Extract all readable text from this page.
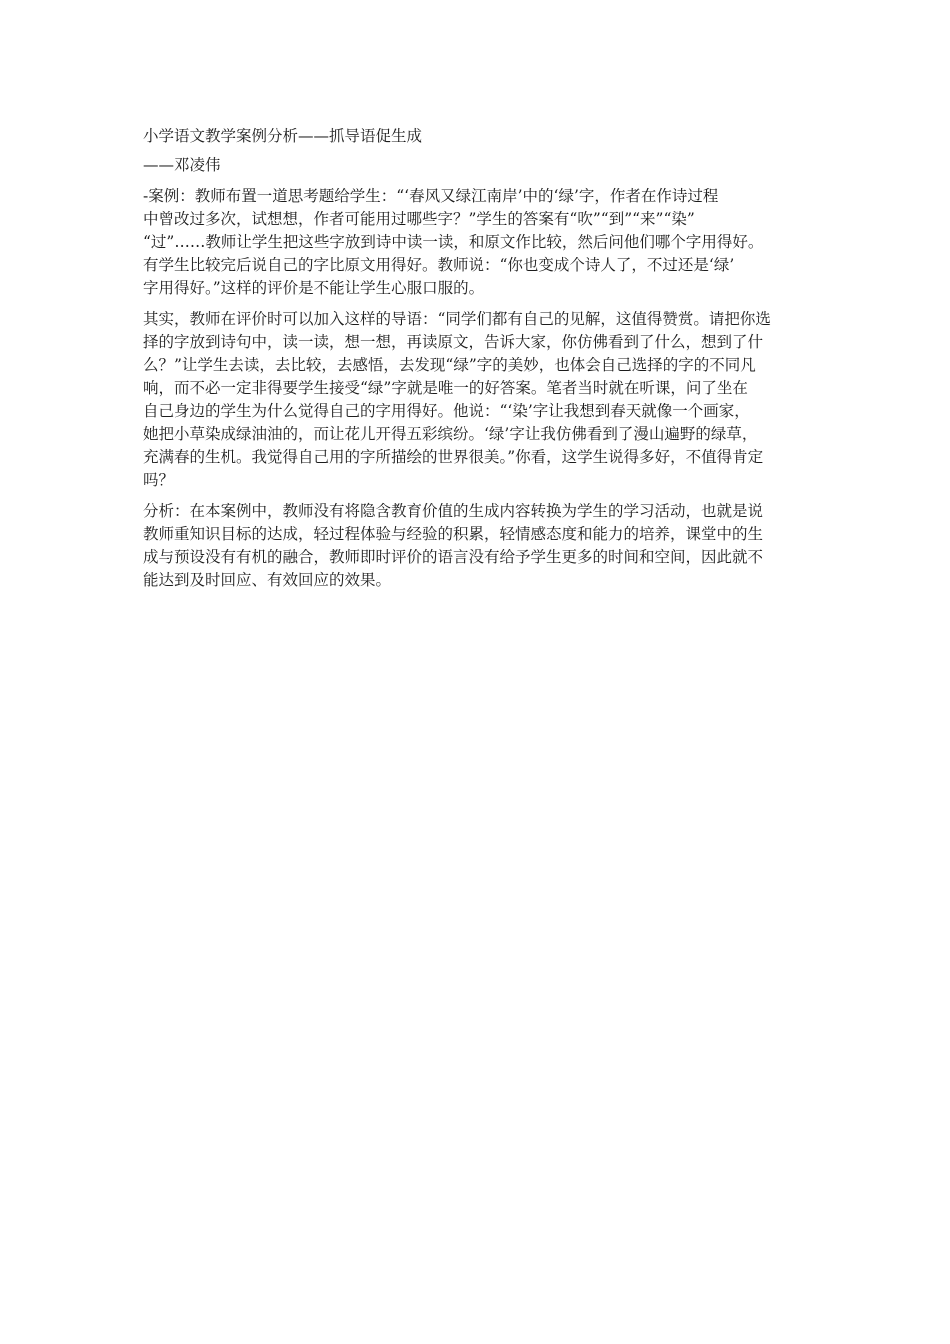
小学语文教学案例分析——抓导语促生成

——邓凌伟

-案例：教师布置一道思考题给学生：“‘春风又绿江南岸’中的‘绿’字，作者在作诗过程

中曾改过多次，试想想，作者可能用过哪些字？”学生的答案有“吹”“到”“来”“染”

“过”……教师让学生把这些字放到诗中读一读，和原文作比较，然后问他们哪个字用得好。

有学生比较完后说自己的字比原文用得好。教师说：“你也变成个诗人了，不过还是‘绿’

字用得好。”这样的评价是不能让学生心服口服的。

其实，教师在评价时可以加入这样的导语：“同学们都有自己的见解，这值得赞赏。请把你选

择的字放到诗句中，读一读，想一想，再读原文，告诉大家，你仿佛看到了什么，想到了什

么？”让学生去读，去比较，去感悟，去发现“绿”字的美妙，也体会自己选择的字的不同凡

响，而不必一定非得要学生接受“绿”字就是唯一的好答案。笔者当时就在听课，问了坐在

自己身边的学生为什么觉得自己的字用得好。他说：“‘染’字让我想到春天就像一个画家，

她把小草染成绿油油的，而让花儿开得五彩缤纷。‘绿’字让我仿佛看到了漫山遍野的绿草，

充满春的生机。我觉得自己用的字所描绘的世界很美。”你看，这学生说得多好，不值得肯定

吗？

分析：在本案例中，教师没有将隐含教育价值的生成内容转换为学生的学习活动，也就是说

教师重知识目标的达成，轻过程体验与经验的积累，轻情感态度和能力的培养，课堂中的生

成与预设没有有机的融合，教师即时评价的语言没有给予学生更多的时间和空间，因此就不

能达到及时回应、有效回应的效果。
